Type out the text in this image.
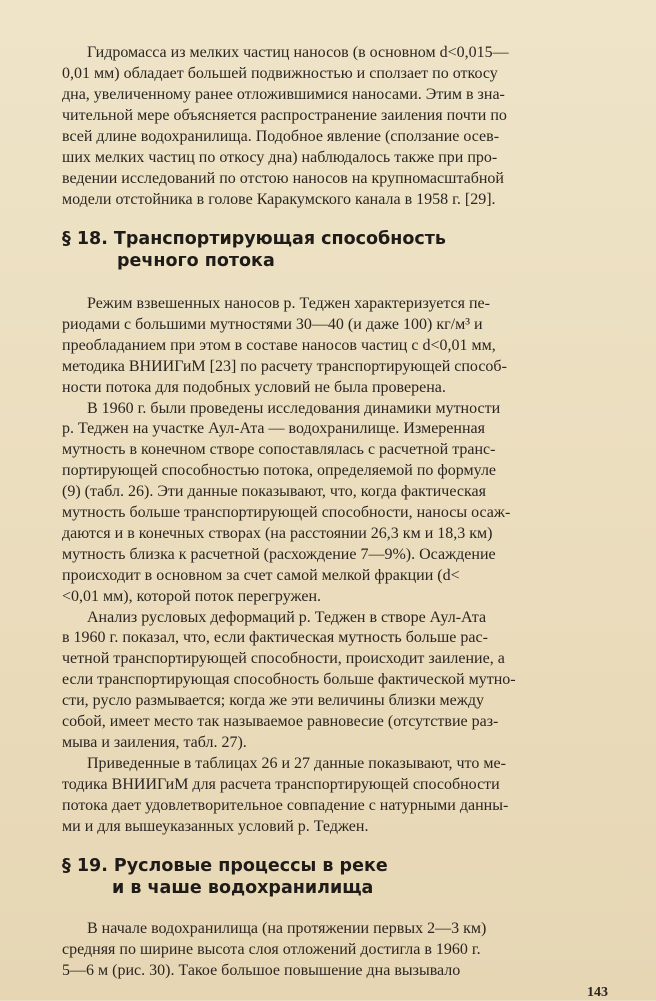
Гидромасса из мелких частиц наносов (в основном d<0,015—
0,01 мм) обладает большей подвижностью и сползает по откосу
дна, увеличенному ранее отложившимися наносами. Этим в зна-
чительной мере объясняется распространение заиления почти по
всей длине водохранилища. Подобное явление (сползание осев-
ших мелких частиц по откосу дна) наблюдалось также при про-
ведении исследований по отстою наносов на крупномасштабной
модели отстойника в голове Каракумского канала в 1958 г. [29].
§ 18. Транспортирующая способность
речного потока
Режим взвешенных наносов р. Теджен характеризуется пе-
риодами с большими мутностями 30—40 (и даже 100) кг/м³ и
преобладанием при этом в составе наносов частиц с d<0,01 мм,
методика ВНИИГиМ [23] по расчету транспортирующей способ-
ности потока для подобных условий не была проверена.
В 1960 г. были проведены исследования динамики мутности
р. Теджен на участке Аул-Ата — водохранилище. Измеренная
мутность в конечном створе сопоставлялась с расчетной транс-
портирующей способностью потока, определяемой по формуле
(9) (табл. 26). Эти данные показывают, что, когда фактическая
мутность больше транспортирующей способности, наносы осаж-
даются и в конечных створах (на расстоянии 26,3 км и 18,3 км)
мутность близка к расчетной (расхождение 7—9%). Осаждение
происходит в основном за счет самой мелкой фракции (d<
<0,01 мм), которой поток перегружен.
Анализ русловых деформаций р. Теджен в створе Аул-Ата
в 1960 г. показал, что, если фактическая мутность больше рас-
четной транспортирующей способности, происходит заиление, а
если транспортирующая способность больше фактической мутно-
сти, русло размывается; когда же эти величины близки между
собой, имеет место так называемое равновесие (отсутствие раз-
мыва и заиления, табл. 27).
Приведенные в таблицах 26 и 27 данные показывают, что ме-
тодика ВНИИГиМ для расчета транспортирующей способности
потока дает удовлетворительное совпадение с натурными данны-
ми и для вышеуказанных условий р. Теджен.
§ 19. Русловые процессы в реке
и в чаше водохранилища
В начале водохранилища (на протяжении первых 2—3 км)
средняя по ширине высота слоя отложений достигла в 1960 г.
5—6 м (рис. 30). Такое большое повышение дна вызывало
143
